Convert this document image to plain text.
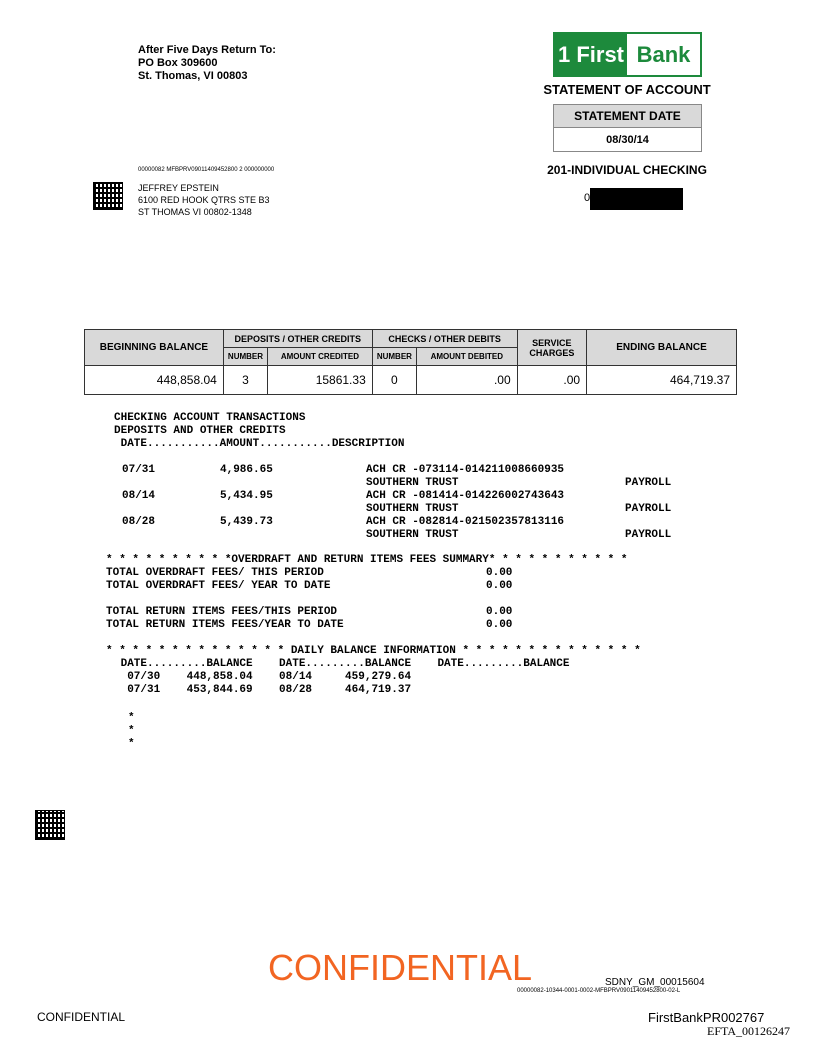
After Five Days Return To:
PO Box 309600
St. Thomas, VI 00803
1 First Bank
STATEMENT OF ACCOUNT
STATEMENT DATE
08/30/14
201-INDIVIDUAL CHECKING
0
00000082 MFBPRV09011409452800 2 000000000
JEFFREY EPSTEIN
6100 RED HOOK QTRS STE B3
ST THOMAS VI 00802-1348
BEGINNING BALANCE	DEPOSITS / OTHER CREDITS		CHECKS / OTHER DEBITS		SERVICE CHARGES	ENDING BALANCE
	NUMBER	AMOUNT CREDITED	NUMBER	AMOUNT DEBITED		
448,858.04	3	15861.33	0	.00	.00	464,719.37
CHECKING ACCOUNT TRANSACTIONS
DEPOSITS AND OTHER CREDITS
DATE...........AMOUNT...........DESCRIPTION
07/31	4,986.65	ACH CR -073114-014211008660935
SOUTHERN TRUST	PAYROLL
08/14	5,434.95	ACH CR -081414-014226002743643
SOUTHERN TRUST	PAYROLL
08/28	5,439.73	ACH CR -082814-021502357813116
SOUTHERN TRUST	PAYROLL
* * * * * * * * * *OVERDRAFT AND RETURN ITEMS FEES SUMMARY* * * * * * * * * * *
TOTAL OVERDRAFT FEES/ THIS PERIOD	0.00
TOTAL OVERDRAFT FEES/ YEAR TO DATE	0.00
TOTAL RETURN ITEMS FEES/THIS PERIOD	0.00
TOTAL RETURN ITEMS FEES/YEAR TO DATE	0.00
* * * * * * * * * * * * * * DAILY BALANCE INFORMATION * * * * * * * * * * * * * *
DATE.........BALANCE    DATE.........BALANCE    DATE.........BALANCE
07/30    448,858.04    08/14     459,279.64
07/31    453,844.69    08/28     464,719.37
*
*
*
CONFIDENTIAL	SDNY_GM_00015604
00000082-10344-0001-0002-MFBPRV09011409452800-02-L
CONFIDENTIAL	FirstBankPR002767
EFTA_00126247
